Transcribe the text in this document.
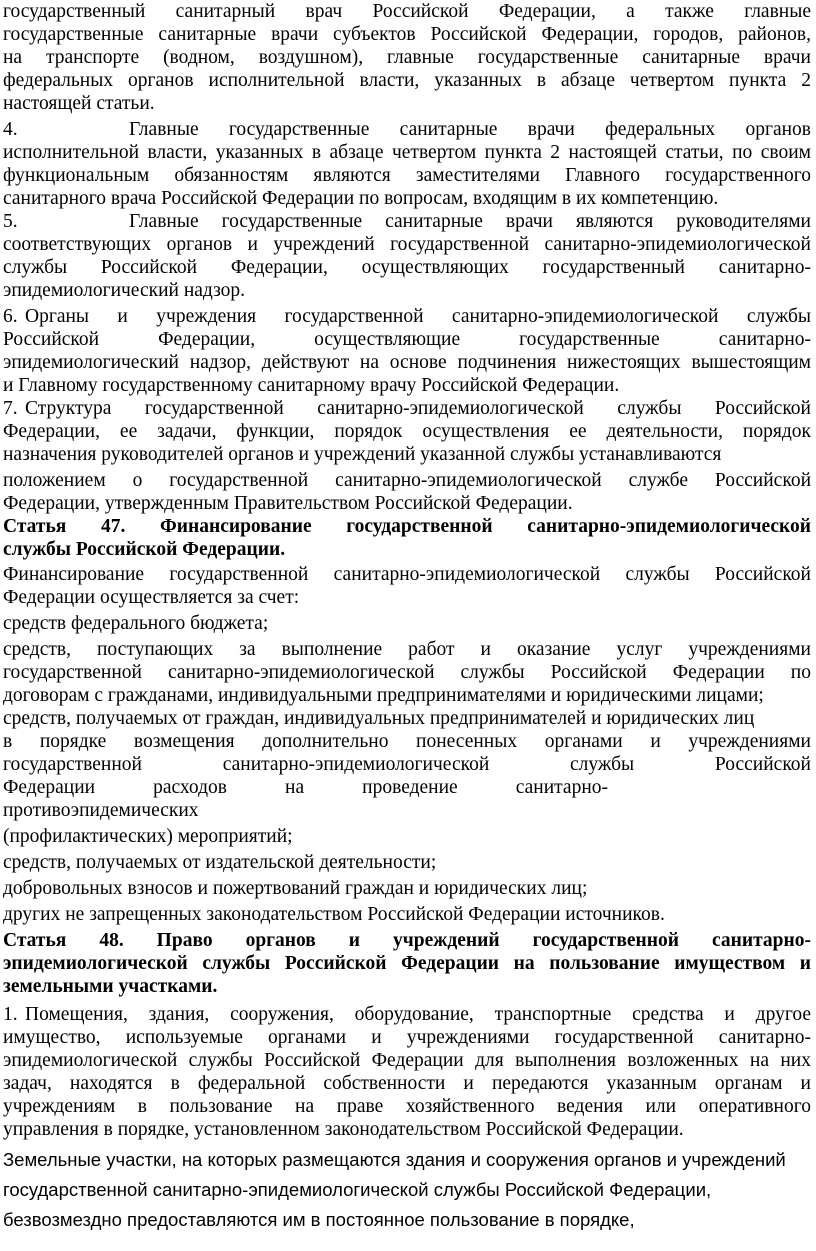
государственный санитарный врач Российской Федерации, а также главные
государственные санитарные врачи субъектов Российской Федерации, городов, районов,
на транспорте (водном, воздушном), главные государственные санитарные врачи
федеральных органов исполнительной власти, указанных в абзаце четвертом пункта 2
настоящей статьи.
4.	Главные государственные санитарные врачи федеральных органов
исполнительной власти, указанных в абзаце четвертом пункта 2 настоящей статьи, по своим
функциональным обязанностям являются заместителями Главного государственного
санитарного врача Российской Федерации по вопросам, входящим в их компетенцию.
5.	Главные государственные санитарные врачи являются руководителями
соответствующих органов и учреждений государственной санитарно-эпидемиологической
службы Российской Федерации, осуществляющих государственный санитарно-
эпидемиологический надзор.
6. Органы и учреждения государственной санитарно-эпидемиологической службы
Российской Федерации, осуществляющие государственные санитарно-
эпидемиологический надзор, действуют на основе подчинения нижестоящих вышестоящим
и Главному государственному санитарному врачу Российской Федерации.
7. Структура государственной санитарно-эпидемиологической службы Российской
Федерации, ее задачи, функции, порядок осуществления ее деятельности, порядок
назначения руководителей органов и учреждений указанной службы устанавливаются
положением о государственной санитарно-эпидемиологической службе Российской
Федерации, утвержденным Правительством Российской Федерации.
Статья 47. Финансирование государственной санитарно-эпидемиологической
службы Российской Федерации.
Финансирование государственной санитарно-эпидемиологической службы Российской
Федерации осуществляется за счет:
средств федерального бюджета;
средств, поступающих за выполнение работ и оказание услуг учреждениями
государственной санитарно-эпидемиологической службы Российской Федерации по
договорам с гражданами, индивидуальными предпринимателями и юридическими лицами;
средств, получаемых от граждан, индивидуальных предпринимателей и юридических лиц
в порядке возмещения дополнительно понесенных органами и учреждениями
государственной санитарно-эпидемиологической службы Российской
Федерации расходов на проведение санитарно-
противоэпидемических
(профилактических) мероприятий;
средств, получаемых от издательской деятельности;
добровольных взносов и пожертвований граждан и юридических лиц;
других не запрещенных законодательством Российской Федерации источников.
Статья 48. Право органов и учреждений государственной санитарно-
эпидемиологической службы Российской Федерации на пользование имуществом и
земельными участками.
1. Помещения, здания, сооружения, оборудование, транспортные средства и другое
имущество, используемые органами и учреждениями государственной санитарно-
эпидемиологической службы Российской Федерации для выполнения возложенных на них
задач, находятся в федеральной собственности и передаются указанным органам и
учреждениям в пользование на праве хозяйственного ведения или оперативного
управления в порядке, установленном законодательством Российской Федерации.
Земельные участки, на которых размещаются здания и сооружения органов и учреждений
государственной санитарно-эпидемиологической службы Российской Федерации,
безвозмездно предоставляются им в постоянное пользование в порядке,
